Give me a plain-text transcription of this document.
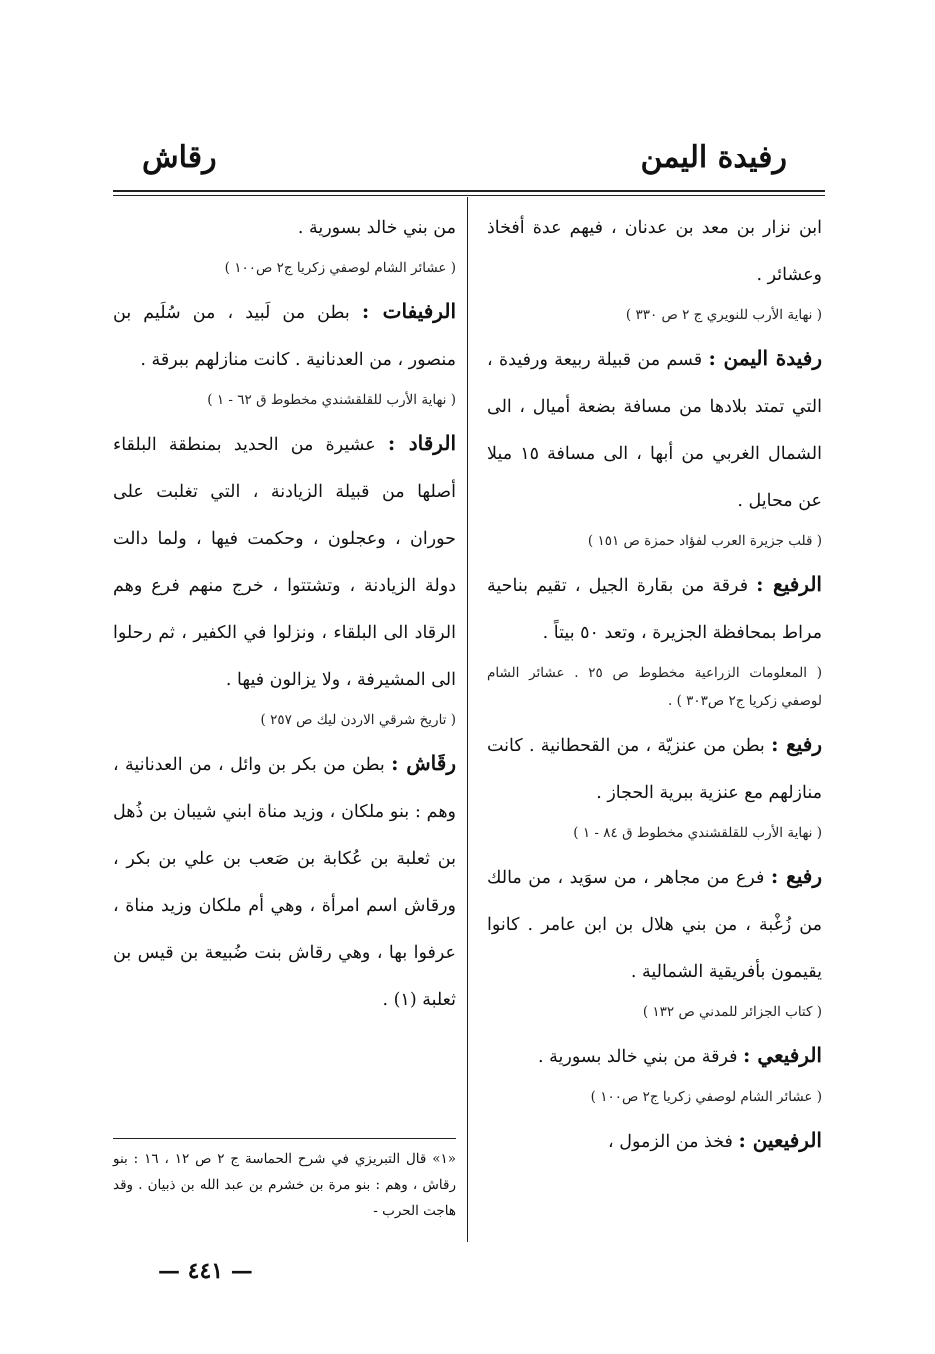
رفيدة اليمن
رقاش

ابن نزار بن معد بن عدنان ، فيهم عدة أفخاذ وعشائر .

( نهاية الأرب للنويري ج ٢ ص ٣٣٠ )

رفيدة اليمن : قسم من قبيلة ربيعة ورفيدة ، التي تمتد بلادها من مسافة بضعة أميال ، الى الشمال الغربي من أبها ، الى مسافة ١٥ ميلا عن محايل .

( قلب جزيرة العرب لفؤاد حمزة ص ١٥١ )

الرفيع : فرقة من بقارة الجيل ، تقيم بناحية مراط بمحافظة الجزيرة ، وتعد ٥٠ بيتاً .

( المعلومات الزراعية مخطوط ص ٢٥ . عشائر الشام لوصفي زكريا ج٢ ص٣٠٣ ) .

رفيع : بطن من عنزيّة ، من القحطانية . كانت منازلهم مع عنزية ببرية الحجاز .

( نهاية الأرب للقلقشندي مخطوط ق ٨٤ - ١ )

رفيع : فرع من مجاهر ، من سوَيد ، من مالك من زُغْبة ، من بني هلال بن ابن عامر . كانوا يقيمون بأفريقية الشمالية .

( كتاب الجزائر للمدني ص ١٣٢ )

الرفيعي : فرقة من بني خالد بسورية .

( عشائر الشام لوصفي زكريا ج٢ ص١٠٠ )

الرفيعين : فخذ من الزمول ،

من بني خالد بسورية .

( عشائر الشام لوصفي زكريا ج٢ ص١٠٠ )

الرفيفات : بطن من لَبيد ، من سُلَيم بن منصور ، من العدنانية . كانت منازلهم ببرقة .

( نهاية الأرب للقلقشندي مخطوط ق ٦٢ - ١ )

الرقاد : عشيرة من الحديد بمنطقة البلقاء أصلها من قبيلة الزيادنة ، التي تغلبت على حوران ، وعجلون ، وحكمت فيها ، ولما دالت دولة الزيادنة ، وتشتتوا ، خرج منهم فرع وهم الرقاد الى البلقاء ، ونزلوا في الكفير ، ثم رحلوا الى المشيرفة ، ولا يزالون فيها .

( تاريخ شرقي الاردن ليك ص ٢٥٧ )

رقَاش : بطن من بكر بن وائل ، من العدنانية ، وهم : بنو ملكان ، وزيد مناة ابني شيبان بن ذُهل بن ثعلبة بن عُكابة بن صَعب بن علي بن بكر ، ورقاش اسم امرأة ، وهي أم ملكان وزيد مناة ، عرفوا بها ، وهي رقاش بنت ضُبيعة بن قيس بن ثعلبة (١) .

«١» قال التبريزي في شرح الحماسة ج ٢ ص ١٢ ، ١٦ : بنو رقاش ، وهم : بنو مرة بن خشرم بن عبد الله بن ذبيان . وقد هاجت الحرب -
— ٤٤١ —
